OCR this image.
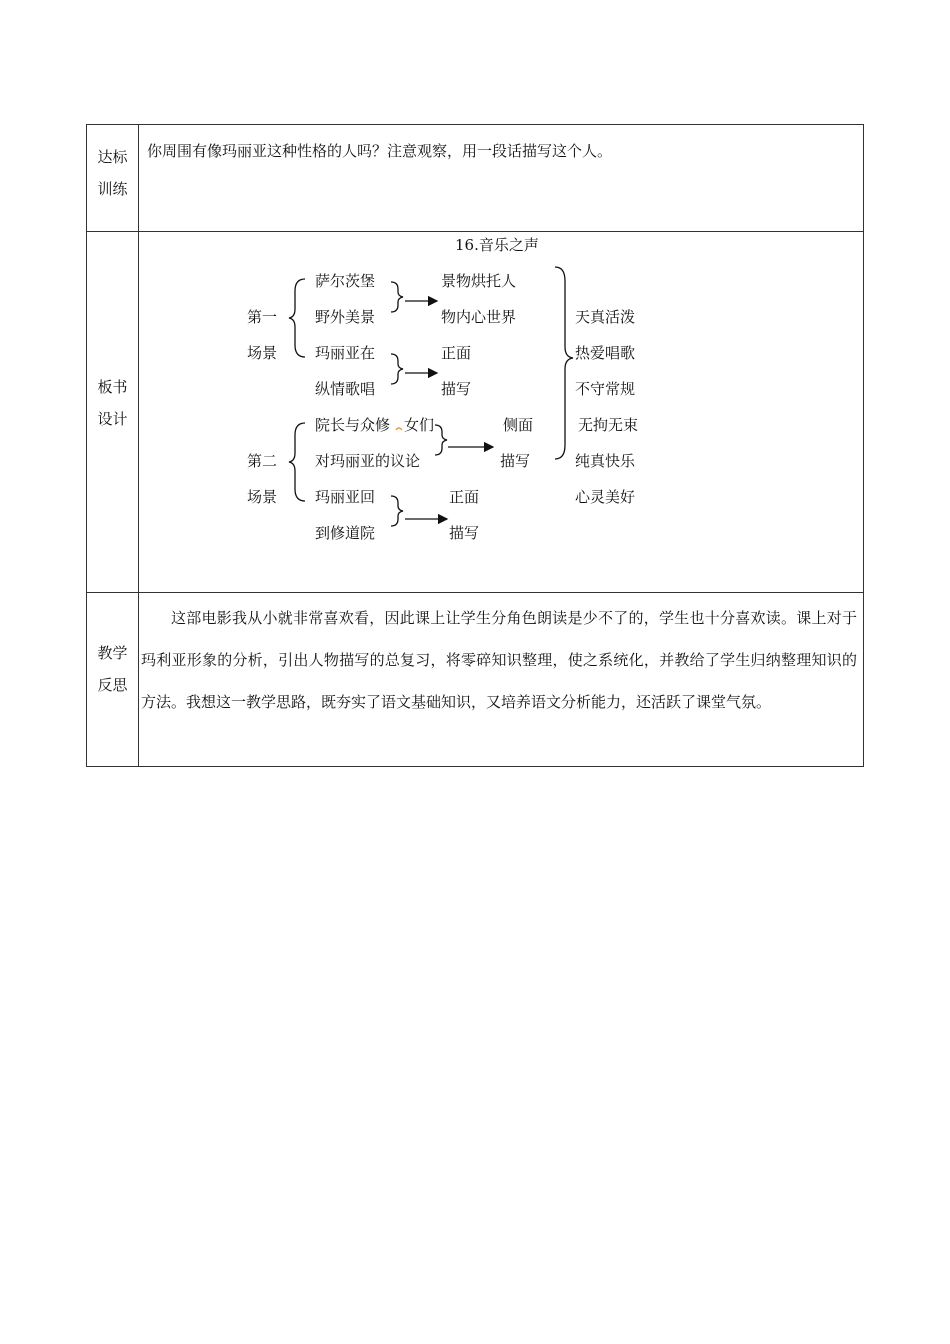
达标
训练
你周围有像玛丽亚这种性格的人吗？注意观察，用一段话描写这个人。
板书
设计
16.音乐之声
第一
场景
第二
场景
萨尔茨堡
野外美景
景物烘托人
物内心世界
玛丽亚在
纵情歌唱
正面
描写
院长与众修 女们
对玛丽亚的议论
侧面
描写
玛丽亚回
到修道院
正面
描写
天真活泼
热爱唱歌
不守常规
无拘无束
纯真快乐
心灵美好
教学
反思
这部电影我从小就非常喜欢看，因此课上让学生分角色朗读是少不了的，学生也十分喜欢读。课上对于玛利亚形象的分析，引出人物描写的总复习，将零碎知识整理，使之系统化，并教给了学生归纳整理知识的方法。我想这一教学思路，既夯实了语文基础知识，又培养语文分析能力，还活跃了课堂气氛。
